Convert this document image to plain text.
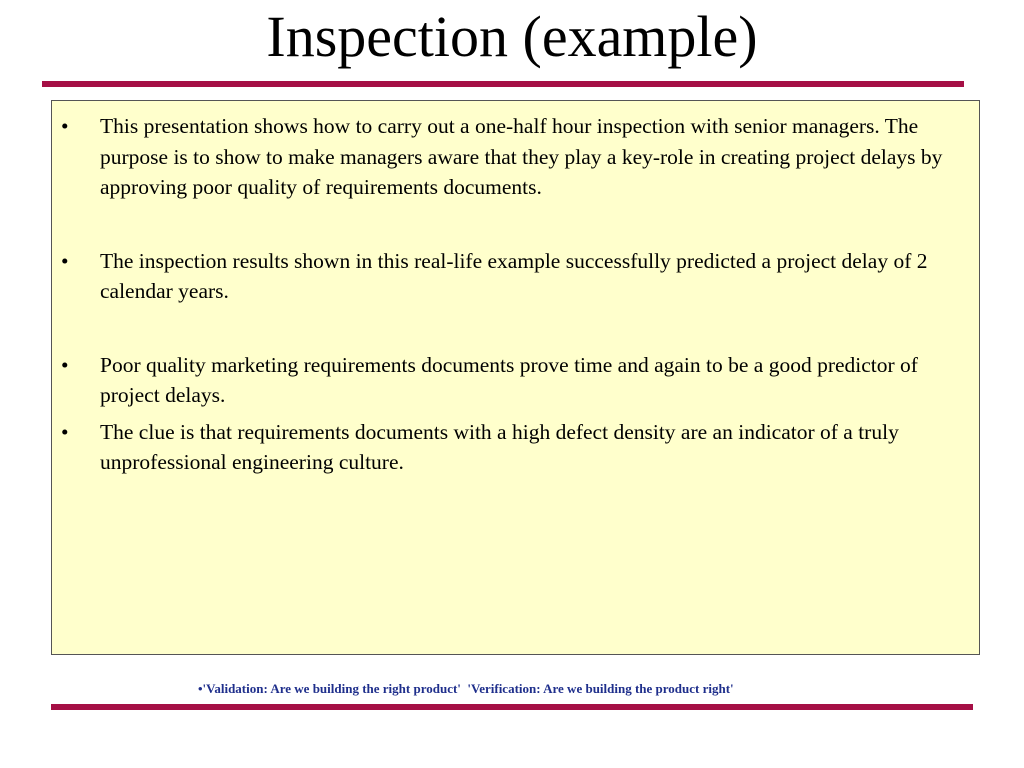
Inspection (example)
• This presentation shows how to carry out a one-half hour inspection with senior managers. The purpose is to show to make managers aware that they play a key-role in creating project delays by approving poor quality of requirements documents.
• The inspection results shown in this real-life example successfully predicted a project delay of 2 calendar years.
• Poor quality marketing requirements documents prove time and again to be a good predictor of project delays.
• The clue is that requirements documents with a high defect density are an indicator of a truly unprofessional engineering culture.
•'Validation: Are we building the right product'  'Verification: Are we building the product right'
